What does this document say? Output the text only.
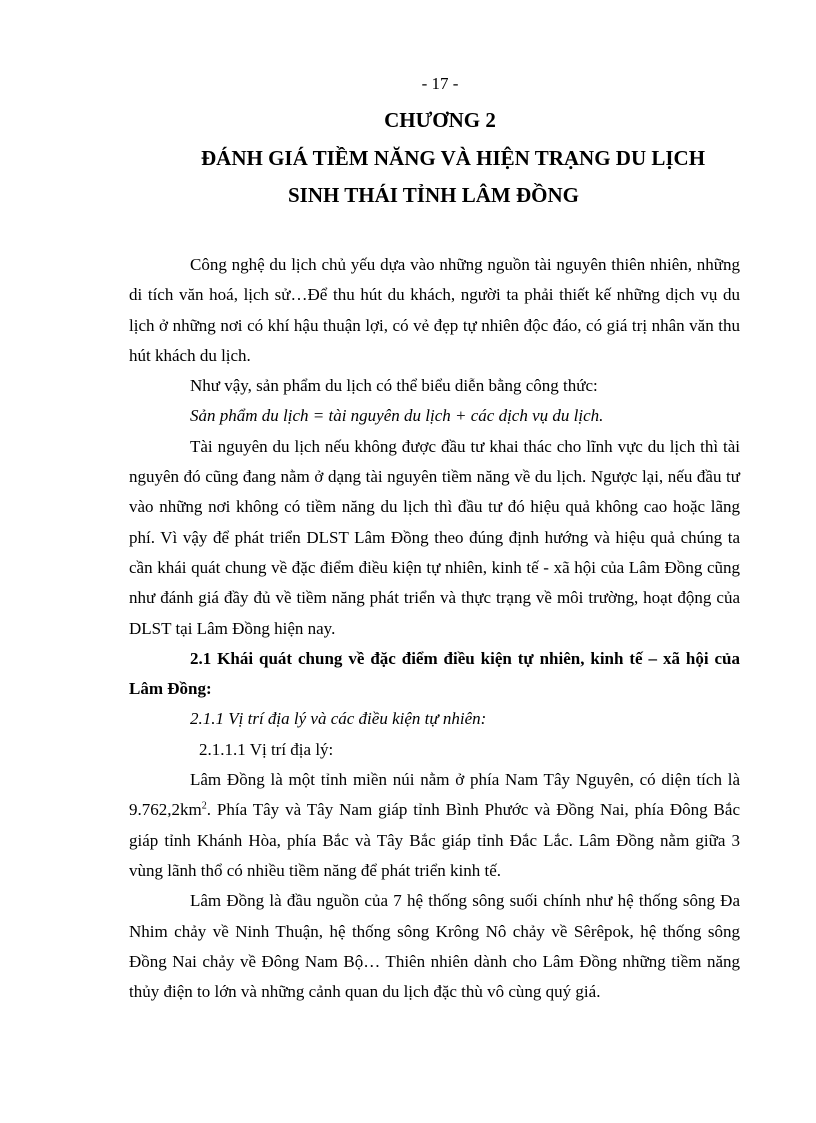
- 17 -
CHƯƠNG 2
ĐÁNH GIÁ TIỀM NĂNG VÀ HIỆN TRẠNG DU LỊCH
SINH THÁI TỈNH LÂM ĐỒNG

Công nghệ du lịch chủ yếu dựa vào những nguồn tài nguyên thiên nhiên, những di tích văn hoá, lịch sử…Để thu hút du khách, người ta phải thiết kế những dịch vụ du lịch ở những nơi có khí hậu thuận lợi, có vẻ đẹp tự nhiên độc đáo, có giá trị nhân văn thu hút khách du lịch.

Như vậy, sản phẩm du lịch có thể biểu diễn bằng công thức:

Sản phẩm du lịch = tài nguyên du lịch + các dịch vụ du lịch.

Tài nguyên du lịch nếu không được đầu tư khai thác cho lĩnh vực du lịch thì tài nguyên đó cũng đang nằm ở dạng tài nguyên tiềm năng về du lịch. Ngược lại, nếu đầu tư vào những nơi không có tiềm năng du lịch thì đầu tư đó hiệu quả không cao hoặc lãng phí. Vì vậy để phát triển DLST Lâm Đồng theo đúng định hướng và hiệu quả chúng ta cần khái quát chung về đặc điểm điều kiện tự nhiên, kinh tế - xã hội của Lâm Đồng cũng như đánh giá đầy đủ về tiềm năng phát triển và thực trạng về môi trường, hoạt động của DLST tại Lâm Đồng hiện nay.

2.1 Khái quát chung về đặc điểm điều kiện tự nhiên, kinh tế – xã hội của Lâm Đồng:

2.1.1 Vị trí địa lý và các điều kiện tự nhiên:

2.1.1.1 Vị trí địa lý:

Lâm Đồng là một tỉnh miền núi nằm ở phía Nam Tây Nguyên, có diện tích là $9.762,2km^2$. Phía Tây và Tây Nam giáp tỉnh Bình Phước và Đồng Nai, phía Đông Bắc giáp tỉnh Khánh Hòa, phía Bắc và Tây Bắc giáp tỉnh Đắc Lắc. Lâm Đồng nằm giữa 3 vùng lãnh thổ có nhiều tiềm năng để phát triển kinh tế.

Lâm Đồng là đầu nguồn của 7 hệ thống sông suối chính như hệ thống sông Đa Nhim chảy về Ninh Thuận, hệ thống sông Krông Nô chảy về Sêrêpok, hệ thống sông Đồng Nai chảy về Đông Nam Bộ… Thiên nhiên dành cho Lâm Đồng những tiềm năng thủy điện to lớn và những cảnh quan du lịch đặc thù vô cùng quý giá.
